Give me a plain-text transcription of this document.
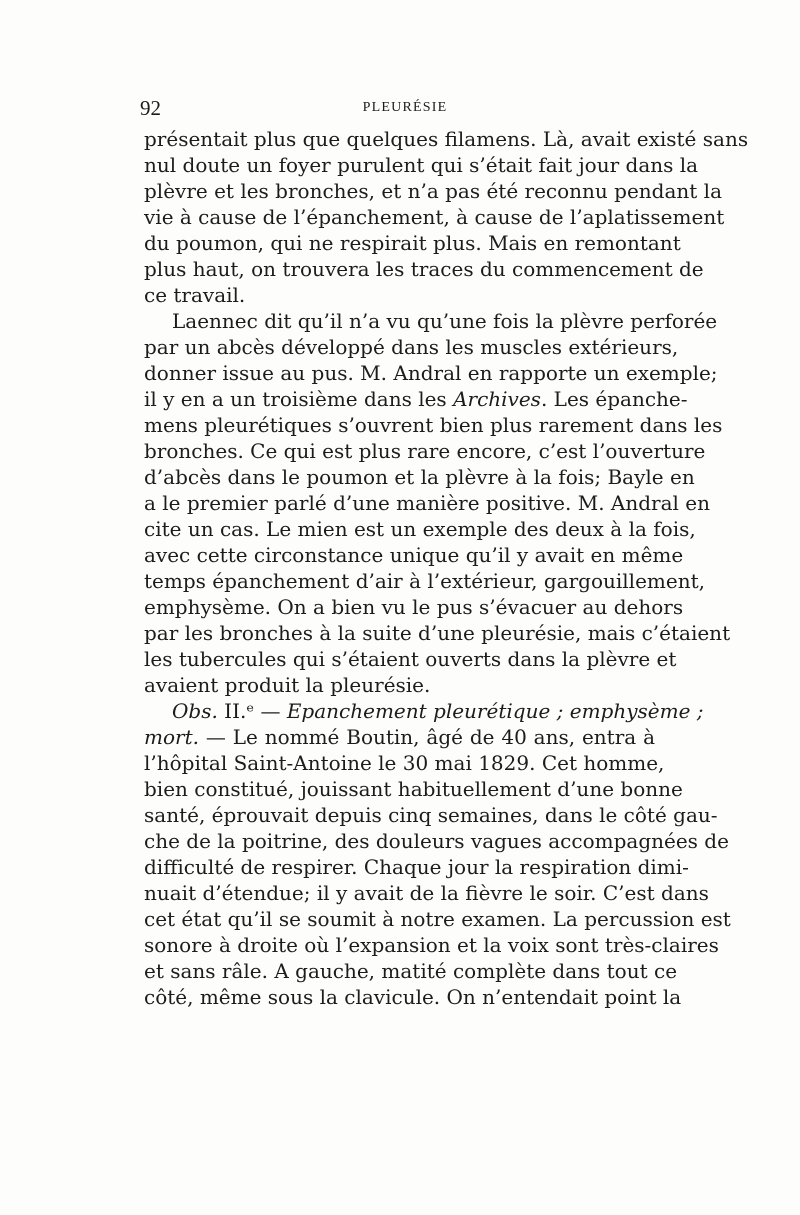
92	PLEURÉSIE
présentait plus que quelques filamens. Là, avait existé sans
nul doute un foyer purulent qui s’était fait jour dans la
plèvre et les bronches, et n’a pas été reconnu pendant la
vie à cause de l’épanchement, à cause de l’aplatissement
du poumon, qui ne respirait plus. Mais en remontant
plus haut, on trouvera les traces du commencement de
ce travail.
Laennec dit qu’il n’a vu qu’une fois la plèvre perforée
par un abcès développé dans les muscles extérieurs,
donner issue au pus. M. Andral en rapporte un exemple;
il y en a un troisième dans les Archives. Les épanche-
mens pleurétiques s’ouvrent bien plus rarement dans les
bronches. Ce qui est plus rare encore, c’est l’ouverture
d’abcès dans le poumon et la plèvre à la fois; Bayle en
a le premier parlé d’une manière positive. M. Andral en
cite un cas. Le mien est un exemple des deux à la fois,
avec cette circonstance unique qu’il y avait en même
temps épanchement d’air à l’extérieur, gargouillement,
emphysème. On a bien vu le pus s’évacuer au dehors
par les bronches à la suite d’une pleurésie, mais c’étaient
les tubercules qui s’étaient ouverts dans la plèvre et
avaient produit la pleurésie.
Obs. II.ᵉ — Epanchement pleurétique ; emphysème ;
mort. — Le nommé Boutin, âgé de 40 ans, entra à
l’hôpital Saint-Antoine le 30 mai 1829. Cet homme,
bien constitué, jouissant habituellement d’une bonne
santé, éprouvait depuis cinq semaines, dans le côté gau-
che de la poitrine, des douleurs vagues accompagnées de
difficulté de respirer. Chaque jour la respiration dimi-
nuait d’étendue; il y avait de la fièvre le soir. C’est dans
cet état qu’il se soumit à notre examen. La percussion est
sonore à droite où l’expansion et la voix sont très-claires
et sans râle. A gauche, matité complète dans tout ce
côté, même sous la clavicule. On n’entendait point la
